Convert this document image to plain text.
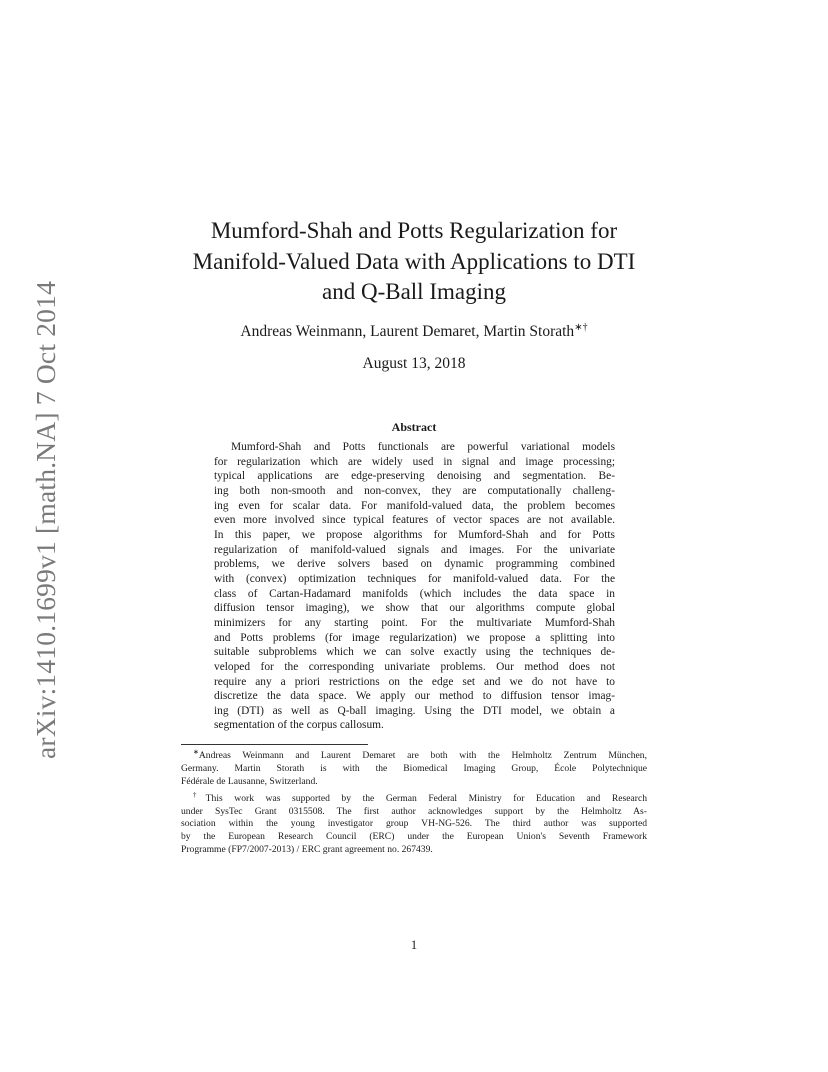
arXiv:1410.1699v1 [math.NA] 7 Oct 2014
Mumford-Shah and Potts Regularization for
Manifold-Valued Data with Applications to DTI
and Q-Ball Imaging
Andreas Weinmann, Laurent Demaret, Martin Storath∗†
August 13, 2018
Abstract
Mumford-Shah and Potts functionals are powerful variational models
for regularization which are widely used in signal and image processing;
typical applications are edge-preserving denoising and segmentation. Be-
ing both non-smooth and non-convex, they are computationally challeng-
ing even for scalar data. For manifold-valued data, the problem becomes
even more involved since typical features of vector spaces are not available.
In this paper, we propose algorithms for Mumford-Shah and for Potts
regularization of manifold-valued signals and images. For the univariate
problems, we derive solvers based on dynamic programming combined
with (convex) optimization techniques for manifold-valued data. For the
class of Cartan-Hadamard manifolds (which includes the data space in
diffusion tensor imaging), we show that our algorithms compute global
minimizers for any starting point. For the multivariate Mumford-Shah
and Potts problems (for image regularization) we propose a splitting into
suitable subproblems which we can solve exactly using the techniques de-
veloped for the corresponding univariate problems. Our method does not
require any a priori restrictions on the edge set and we do not have to
discretize the data space. We apply our method to diffusion tensor imag-
ing (DTI) as well as Q-ball imaging. Using the DTI model, we obtain a
segmentation of the corpus callosum.
∗Andreas Weinmann and Laurent Demaret are both with the Helmholtz Zentrum München,
Germany. Martin Storath is with the Biomedical Imaging Group, École Polytechnique
Fédérale de Lausanne, Switzerland.
†This work was supported by the German Federal Ministry for Education and Research
under SysTec Grant 0315508. The first author acknowledges support by the Helmholtz As-
sociation within the young investigator group VH-NG-526. The third author was supported
by the European Research Council (ERC) under the European Union's Seventh Framework
Programme (FP7/2007-2013) / ERC grant agreement no. 267439.
1
